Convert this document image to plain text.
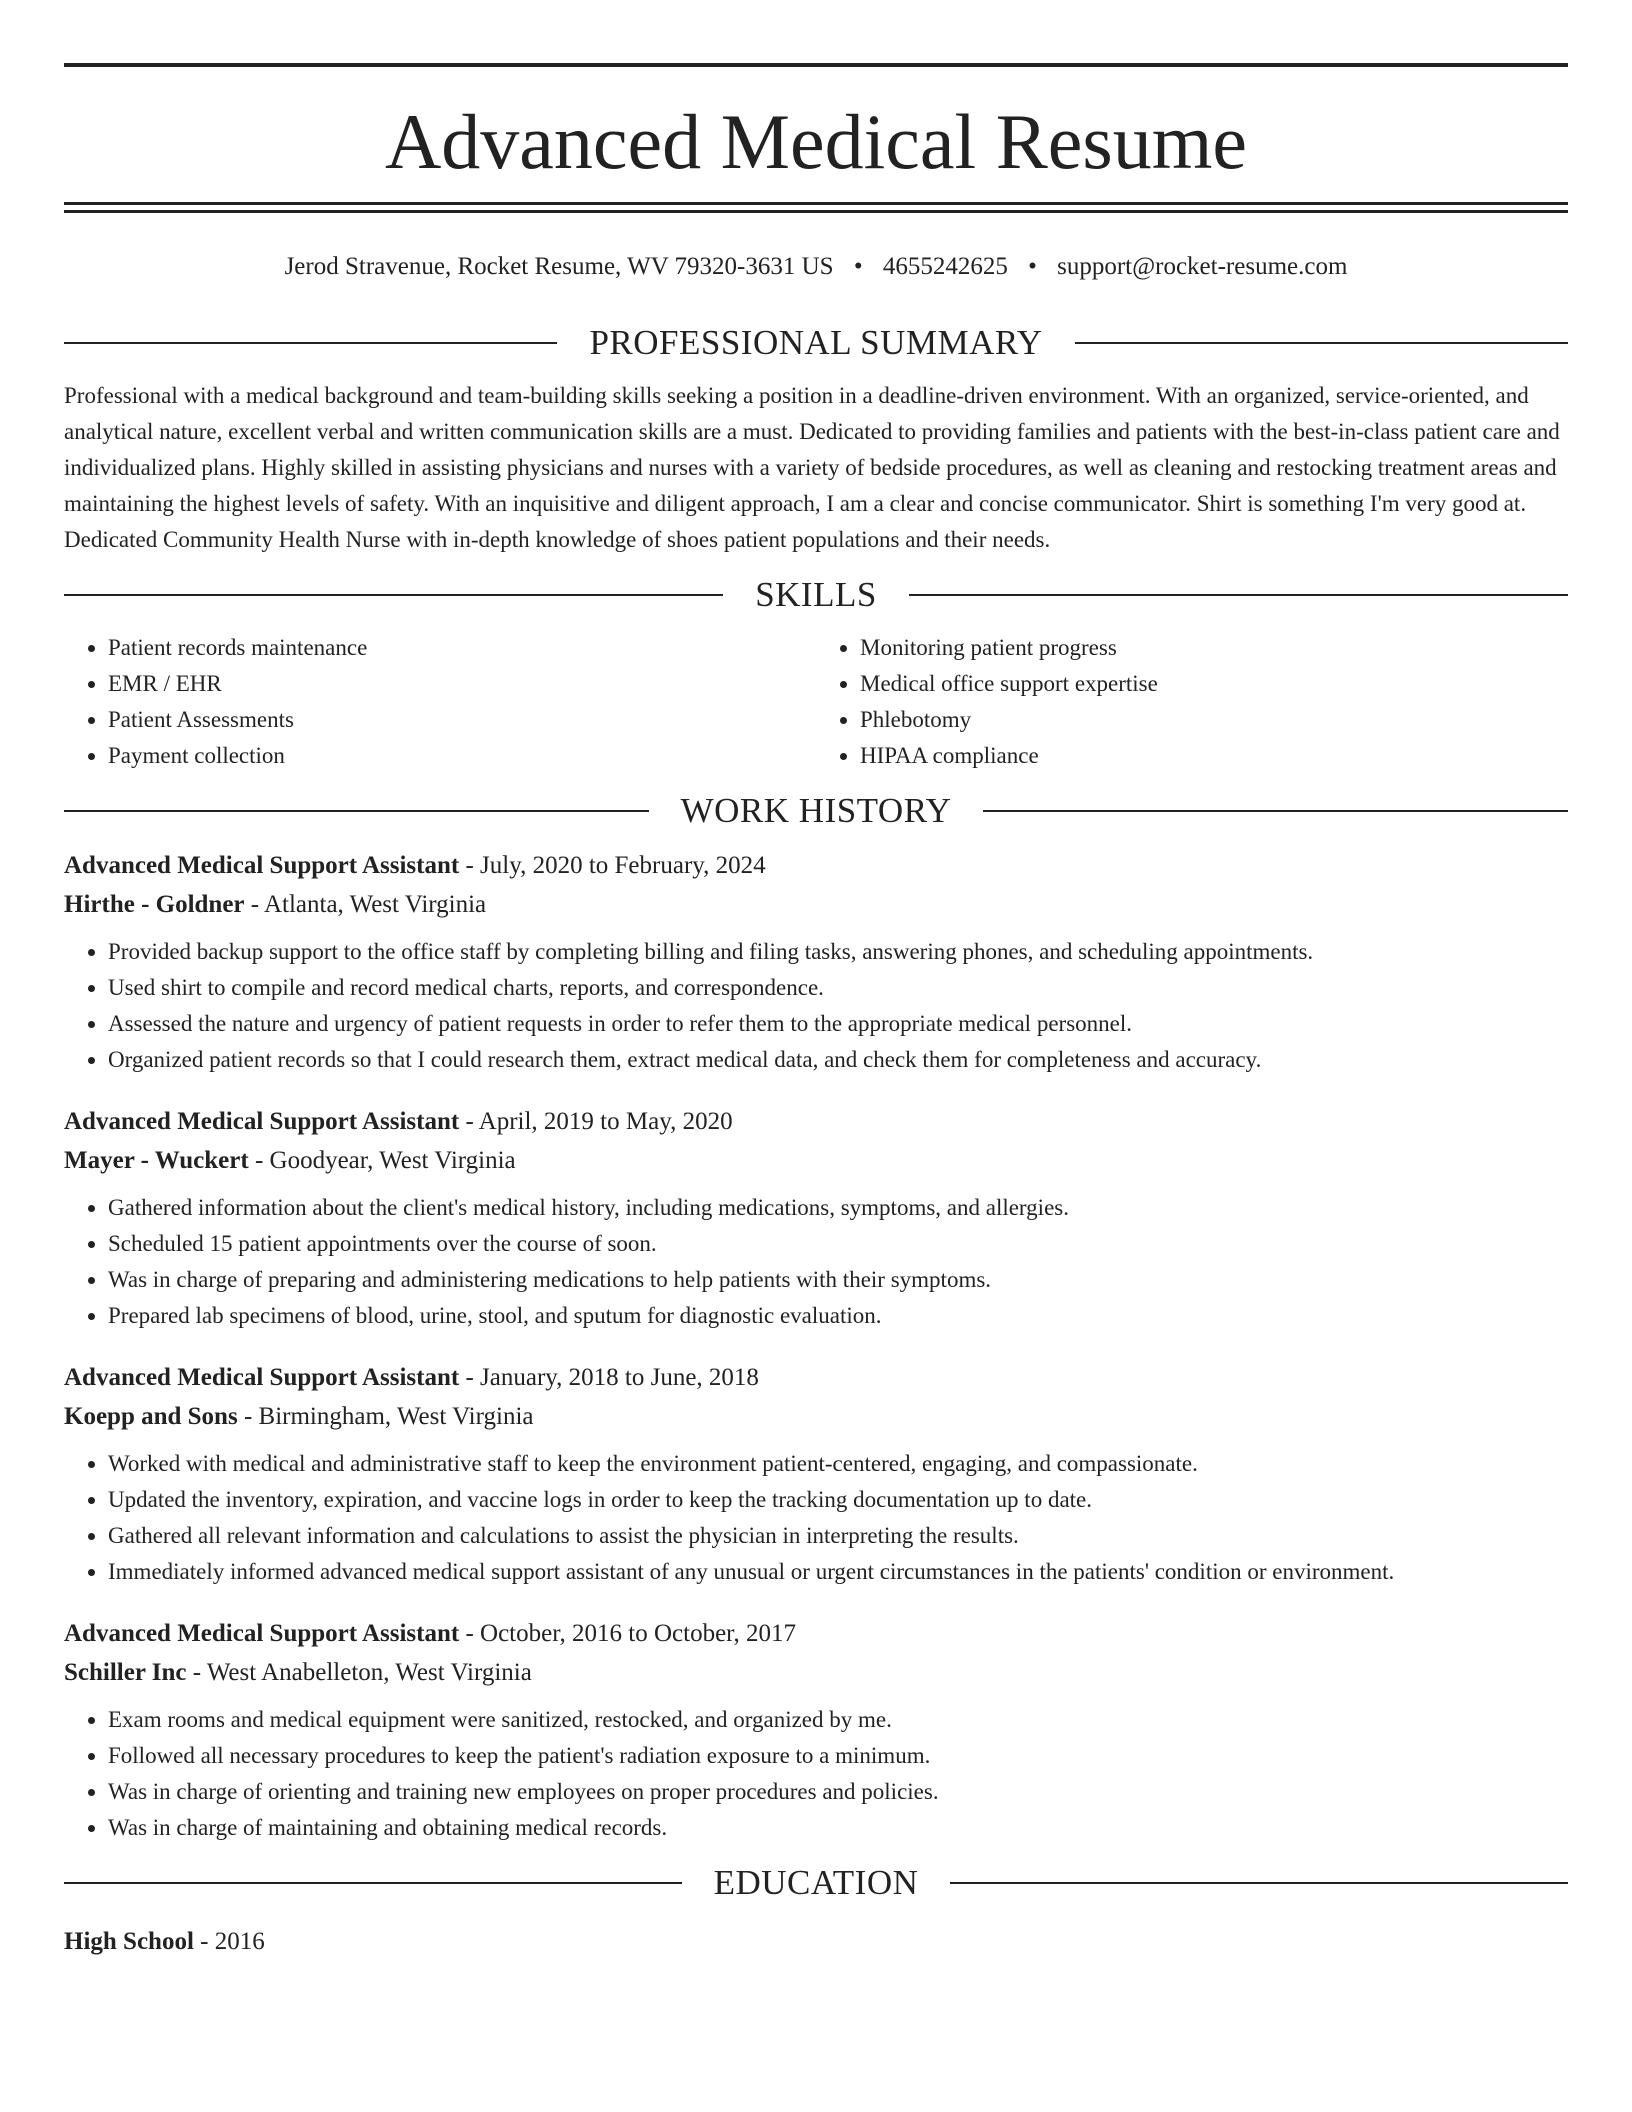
Advanced Medical Resume
Jerod Stravenue, Rocket Resume, WV 79320-3631 US • 4655242625 • support@rocket-resume.com
PROFESSIONAL SUMMARY

Professional with a medical background and team-building skills seeking a position in a deadline-driven environment. With an organized, service-oriented, and analytical nature, excellent verbal and written communication skills are a must. Dedicated to providing families and patients with the best-in-class patient care and individualized plans. Highly skilled in assisting physicians and nurses with a variety of bedside procedures, as well as cleaning and restocking treatment areas and maintaining the highest levels of safety. With an inquisitive and diligent approach, I am a clear and concise communicator. Shirt is something I'm very good at. Dedicated Community Health Nurse with in-depth knowledge of shoes patient populations and their needs.

SKILLS
• Patient records maintenance
• EMR / EHR
• Patient Assessments
• Payment collection
• Monitoring patient progress
• Medical office support expertise
• Phlebotomy
• HIPAA compliance
WORK HISTORY
Advanced Medical Support Assistant - July, 2020 to February, 2024
Hirthe - Goldner - Atlanta, West Virginia
• Provided backup support to the office staff by completing billing and filing tasks, answering phones, and scheduling appointments.
• Used shirt to compile and record medical charts, reports, and correspondence.
• Assessed the nature and urgency of patient requests in order to refer them to the appropriate medical personnel.
• Organized patient records so that I could research them, extract medical data, and check them for completeness and accuracy.
Advanced Medical Support Assistant - April, 2019 to May, 2020
Mayer - Wuckert - Goodyear, West Virginia
• Gathered information about the client's medical history, including medications, symptoms, and allergies.
• Scheduled 15 patient appointments over the course of soon.
• Was in charge of preparing and administering medications to help patients with their symptoms.
• Prepared lab specimens of blood, urine, stool, and sputum for diagnostic evaluation.
Advanced Medical Support Assistant - January, 2018 to June, 2018
Koepp and Sons - Birmingham, West Virginia
• Worked with medical and administrative staff to keep the environment patient-centered, engaging, and compassionate.
• Updated the inventory, expiration, and vaccine logs in order to keep the tracking documentation up to date.
• Gathered all relevant information and calculations to assist the physician in interpreting the results.
• Immediately informed advanced medical support assistant of any unusual or urgent circumstances in the patients' condition or environment.
Advanced Medical Support Assistant - October, 2016 to October, 2017
Schiller Inc - West Anabelleton, West Virginia
• Exam rooms and medical equipment were sanitized, restocked, and organized by me.
• Followed all necessary procedures to keep the patient's radiation exposure to a minimum.
• Was in charge of orienting and training new employees on proper procedures and policies.
• Was in charge of maintaining and obtaining medical records.
EDUCATION
High School - 2016
